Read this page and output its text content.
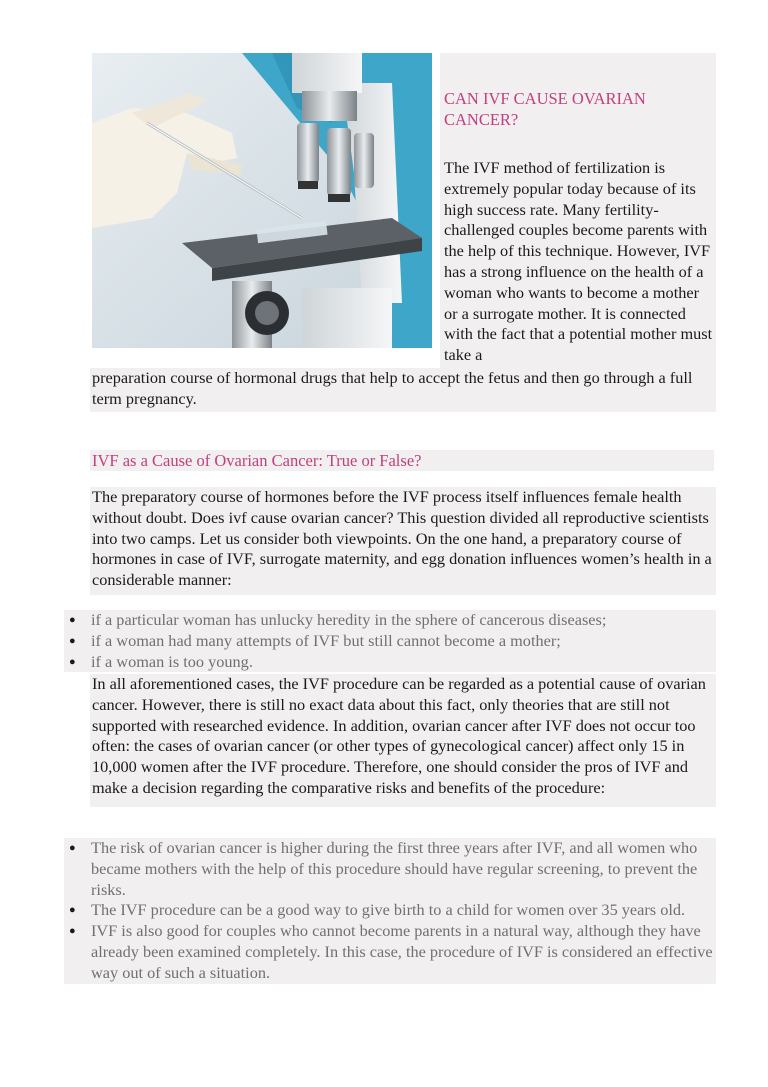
CAN IVF CAUSE OVARIAN CANCER?

The IVF method of fertilization is extremely popular today because of its high success rate. Many fertility-challenged couples become parents with the help of this technique. However, IVF has a strong influence on the health of a woman who wants to become a mother or a surrogate mother. It is connected with the fact that a potential mother must take a

preparation course of hormonal drugs that help to accept the fetus and then go through a full term pregnancy.

IVF as a Cause of Ovarian Cancer: True or False?

The preparatory course of hormones before the IVF process itself influences female health without doubt. Does ivf cause ovarian cancer? This question divided all reproductive scientists into two camps. Let us consider both viewpoints. On the one hand, a preparatory course of hormones in case of IVF, surrogate maternity, and egg donation influences women’s health in a considerable manner:

● if a particular woman has unlucky heredity in the sphere of cancerous diseases;
● if a woman had many attempts of IVF but still cannot become a mother;
● if a woman is too young.

In all aforementioned cases, the IVF procedure can be regarded as a potential cause of ovarian cancer. However, there is still no exact data about this fact, only theories that are still not supported with researched evidence. In addition, ovarian cancer after IVF does not occur too often: the cases of ovarian cancer (or other types of gynecological cancer) affect only 15 in 10,000 women after the IVF procedure. Therefore, one should consider the pros of IVF and make a decision regarding the comparative risks and benefits of the procedure:

● The risk of ovarian cancer is higher during the first three years after IVF, and all women who became mothers with the help of this procedure should have regular screening, to prevent the risks.
● The IVF procedure can be a good way to give birth to a child for women over 35 years old.
● IVF is also good for couples who cannot become parents in a natural way, although they have already been examined completely. In this case, the procedure of IVF is considered an effective way out of such a situation.
